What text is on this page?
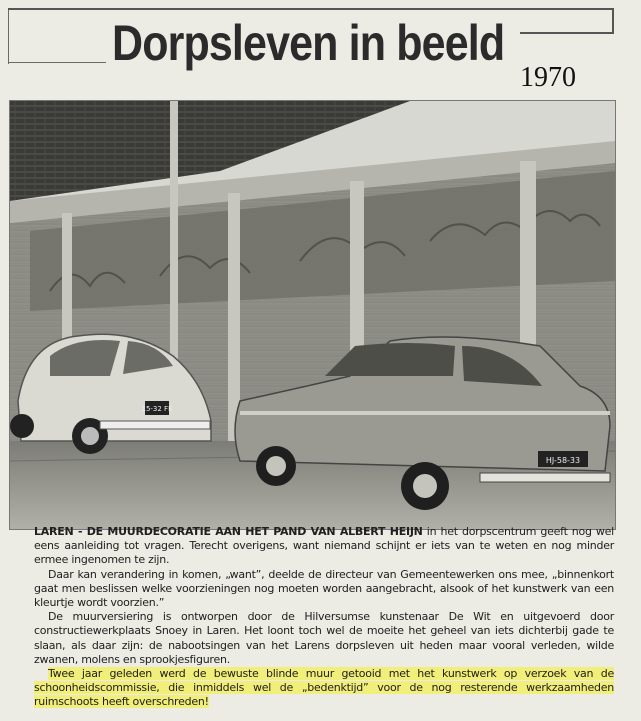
Dorpsleven in beeld
1970
15-32 FE
HJ-58-33

LAREN - DE MUURDECORATIE AAN HET PAND VAN ALBERT HEIJN in het dorpscentrum geeft nog wel eens aanleiding tot vragen. Terecht overigens, want niemand schijnt er iets van te weten en nog minder ermee ingenomen te zijn.

Daar kan verandering in komen, „want”, deelde de directeur van Gemeentewerken ons mee, „binnenkort gaat men beslissen welke voorzieningen nog moeten worden aangebracht, alsook of het kunstwerk van een kleurtje wordt voorzien.”

De muurversiering is ontworpen door de Hilversumse kunstenaar De Wit en uitgevoerd door constructiewerkplaats Snoey in Laren. Het loont toch wel de moeite het geheel van iets dichterbij gade te slaan, als daar zijn: de nabootsingen van het Larens dorpsleven uit heden maar vooral verleden, wilde zwanen, molens en sprookjesfiguren.

Twee jaar geleden werd de bewuste blinde muur getooid met het kunstwerk op verzoek van de schoonheidscommissie, die inmiddels wel de „bedenktijd” voor de nog resterende werkzaamheden ruimschoots heeft overschreden!
